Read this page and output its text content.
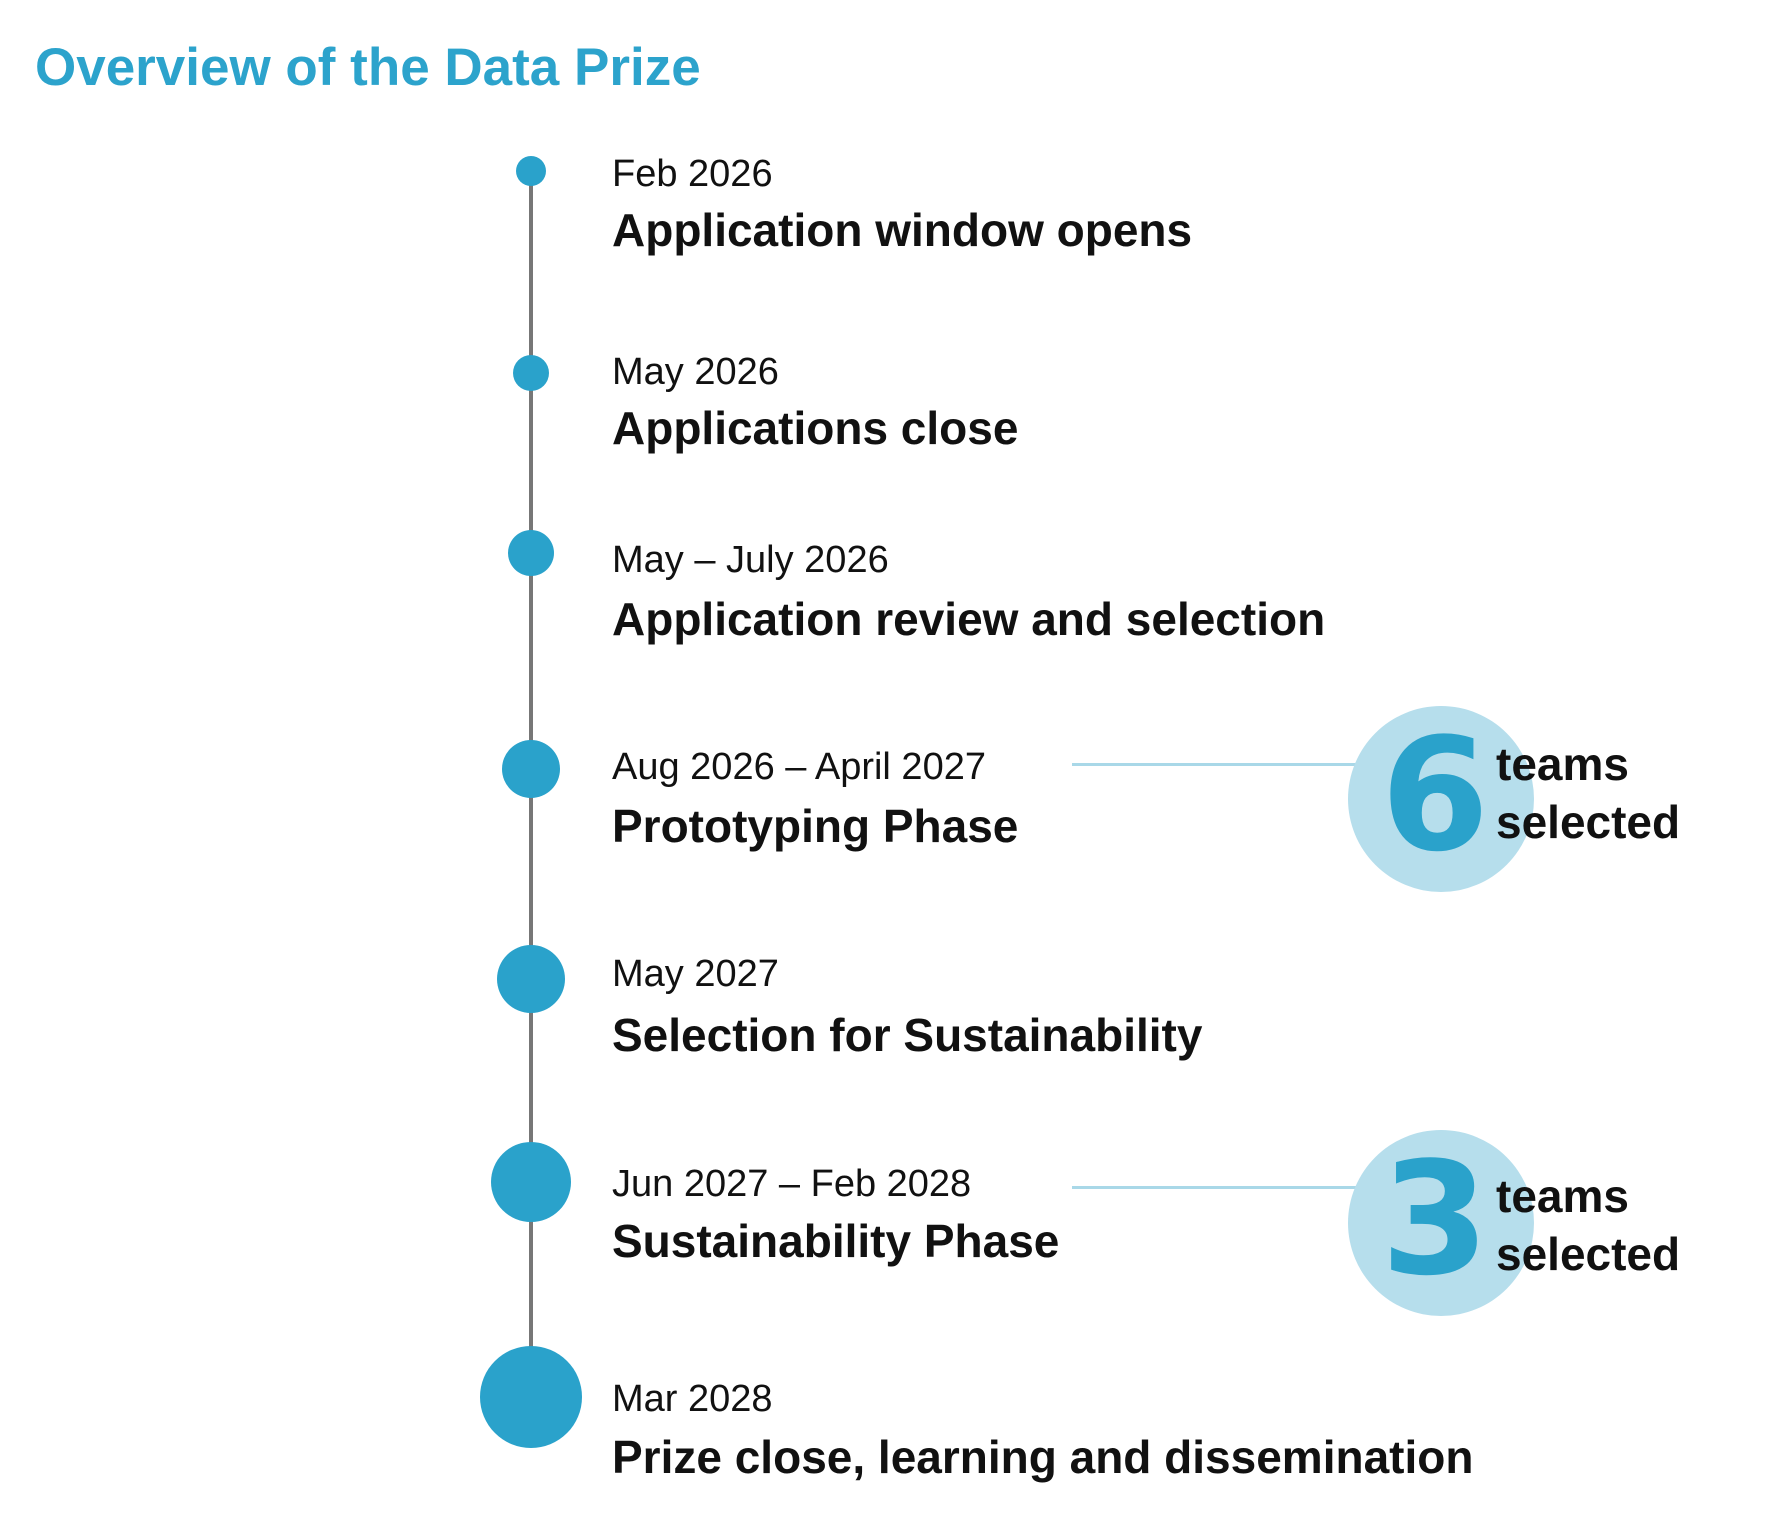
Overview of the Data Prize
Feb 2026
Application window opens
May 2026
Applications close
May – July 2026
Application review and selection
Aug 2026 – April 2027
Prototyping Phase
May 2027
Selection for Sustainability
Jun 2027 – Feb 2028
Sustainability Phase
Mar 2028
Prize close, learning and dissemination
6 teams
selected
3 teams
selected
